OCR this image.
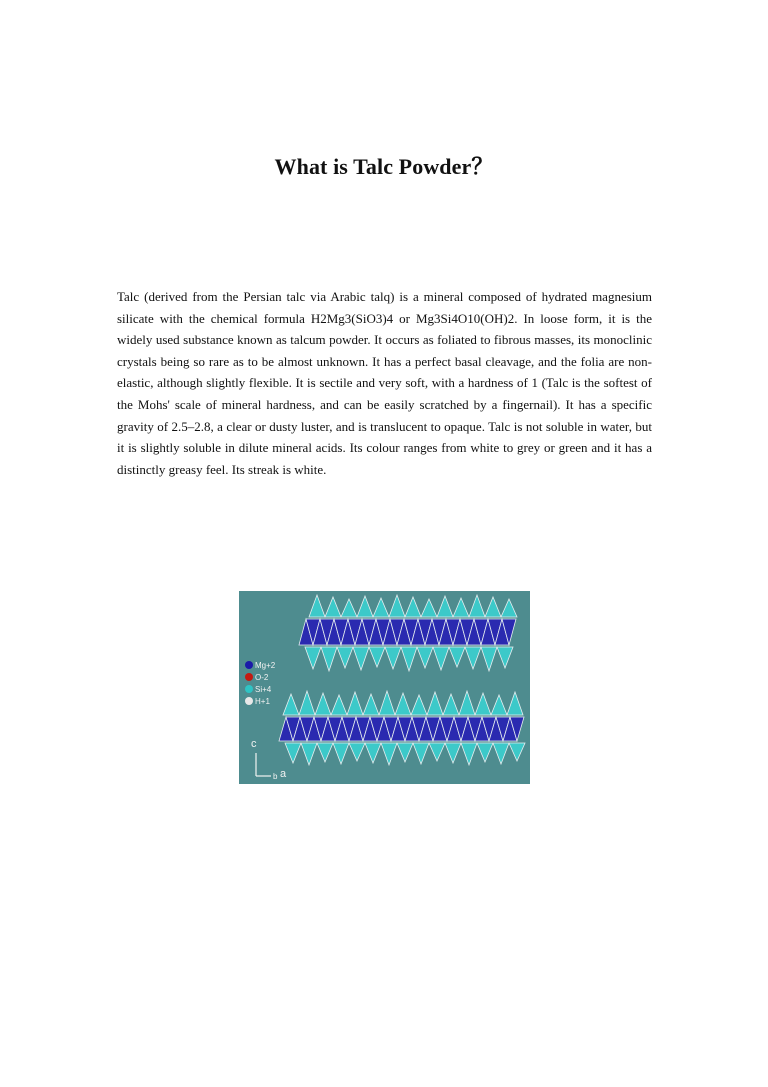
What is Talc Powder？

Talc (derived from the Persian talc via Arabic talq) is a mineral composed of hydrated magnesium silicate with the chemical formula H2Mg3(SiO3)4 or Mg3Si4O10(OH)2. In loose form, it is the widely used substance known as talcum powder. It occurs as foliated to fibrous masses, its monoclinic crystals being so rare as to be almost unknown. It has a perfect basal cleavage, and the folia are non-elastic, although slightly flexible. It is sectile and very soft, with a hardness of 1 (Talc is the softest of the Mohs' scale of mineral hardness, and can be easily scratched by a fingernail). It has a specific gravity of 2.5–2.8, a clear or dusty luster, and is translucent to opaque. Talc is not soluble in water, but it is slightly soluble in dilute mineral acids. Its colour ranges from white to grey or green and it has a distinctly greasy feel. Its streak is white.

Mg+2
O-2
Si+4
H+1
c
b a
